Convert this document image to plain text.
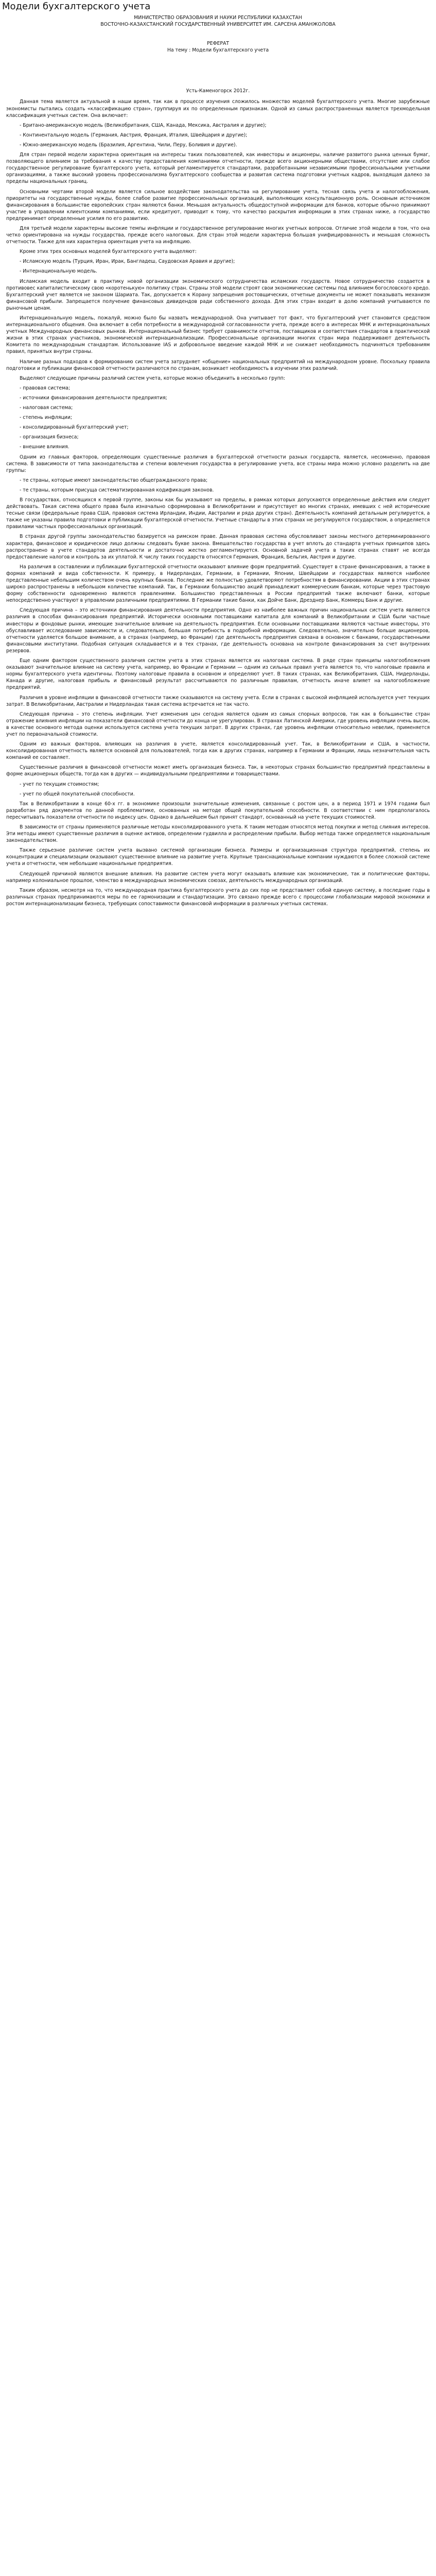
Модели бухгалтерского учета

МИНИСТЕРСТВО ОБРАЗОВАНИЯ И НАУКИ РЕСПУБЛИКИ КАЗАХСТАН

ВОСТОЧНО-КАЗАХСТАНСКИЙ ГОСУДАРСТВЕННЫЙ УНИВЕРСИТЕТ ИМ. САРСЕНА АМАНЖОЛОВА

РЕФЕРАТ

На тему : Модели бухгалтерского учета

Усть-Каменогорск 2012г.

Данная тема является актуальной в наши время, так как в процессе изучения сложилось множество моделей бухгалтерского учета. Многие зарубежные экономисты пытались создать «классификацию стран», группируя их по определенным признакам. Одной из самых распространенных является трехмодельная классификация учетных систем. Она включает:

- Британо-американскую модель (Великобритания, США, Канада, Мексика, Австралия и другие);

- Континентальную модель (Германия, Австрия, Франция, Италия, Швейцария и другие);

- Южно-американскую модель (Бразилия, Аргентина, Чили, Перу, Боливия и другие).

Для стран первой модели характерна ориентация на интересы таких пользователей, как инвесторы и акционеры, наличие развитого рынка ценных бумаг, позволяющего влиянием за требования к качеству предоставления компаниями отчетности, прежде всего акционерными обществами, отсутствие или слабое государственное регулирование бухгалтерского учета, который регламентируется стандартами, разработанными независимыми профессиональными учетными организациями, а также высокий уровень профессионализма бухгалтерского сообщества и развитая система подготовки учетных кадров, выходящая далеко за пределы национальных границ.

Основными чертами второй модели является сильное воздействие законодательства на регулирование учета, тесная связь учета и налогообложения, приоритеты на государственные нужды, более слабое развитие профессиональных организаций, выполняющих консультационную роль. Основным источником финансирования в большинстве европейских стран являются банки. Меньшая актуальность общедоступной информации для банков, которые обычно принимают участие в управлении клиентскими компаниями, если кредитуют, приводит к тому, что качество раскрытия информации в этих странах ниже, а государство предпринимает определенные усилия по его развитию.

Для третьей модели характерны высокие темпы инфляции и государственное регулирование многих учетных вопросов. Отличие этой модели в том, что она четко ориентирована на нужды государства, прежде всего налоговых. Для стран этой модели характерна большая унифицированность и меньшая сложность отчетности. Также для них характерна ориентация учета на инфляцию.

Кроме этих трех основных моделей бухгалтерского учета выделяют:

- Исламскую модель (Турция, Иран, Ирак, Бангладеш, Саудовская Аравия и другие);

- Интернациональную модель.

Исламская модель входит в практику новой организации экономического сотрудничества исламских государств. Новое сотрудничество создается в противовес капиталистическому свою «коротенькую» политику стран. Страны этой модели строят свои экономические системы под влиянием богословского кредо. Бухгалтерский учет является не законом Шариата. Так, допускается к Корану запрещения ростовщических, отчетные документы не может показывать механизм финансовой прибыли. Запрещается получение финансовых дивидендов ради собственного дохода. Для этих стран входит в долю компаний учитываются по рыночным ценам.

Интернациональную модель, пожалуй, можно было бы назвать международной. Она учитывает тот факт, что бухгалтерский учет становится средством интернационального общения. Она включает в себя потребности в международной согласованности учета, прежде всего в интересах МНК и интернациональных учетных Международных финансовых рынков. Интернациональный бизнес требует сравнимости отчетов, поставщиков и соответствия стандартов в практической жизни в этих странах участников, экономической интернационализации. Профессиональные организации многих стран мира поддерживают деятельность Комитета по международным стандартам. Использование IAS и добровольное введение каждой МНК и не снижает необходимость подчиняться требованиям правил, принятых внутри страны.

Наличие разных подходов к формированию систем учета затрудняет «общение» национальных предприятий на международном уровне. Поскольку правила подготовки и публикации финансовой отчетности различаются по странам, возникает необходимость в изучении этих различий.

Выделяют следующие причины различий систем учета, которые можно объединить в несколько групп:

- правовая система;

- источники финансирования деятельности предприятия;

- налоговая система;

- степень инфляции;

- консолидированный бухгалтерский учет;

- организация бизнеса;

- внешние влияния.

Одним из главных факторов, определяющих существенные различия в бухгалтерской отчетности разных государств, является, несомненно, правовая система. В зависимости от типа законодательства и степени вовлечения государства в регулирование учета, все страны мира можно условно разделить на две группы:

- те страны, которые имеют законодательство общегражданского права;

- те страны, которым присуща систематизированная кодификация законов.

В государствах, относящихся к первой группе, законы как бы указывают на пределы, в рамках которых допускаются определенные действия или следует действовать. Такая система общего права была изначально сформирована в Великобритании и присутствует во многих странах, имевших с ней исторические тесные связи (федеральные права США, правовая система Ирландии, Индии, Австралии и ряда других стран). Деятельность компаний детальным регулируется, а также не указаны правила подготовки и публикации бухгалтерской отчетности. Учетные стандарты в этих странах не регулируются государством, а определяется правилами частных профессиональных организаций.

В странах другой группы законодательство базируется на римском праве. Данная правовая система обусловливает законы местного детерминированного характера, финансовое и юридическое лицо должны следовать букве закона. Вмешательство государства в учет вплоть до стандарта учетных принципов здесь распространено в учете стандартов деятельности и достаточно жестко регламентируется. Основной задачей учета в таких странах ставят не всегда предоставление налогов и контроль за их уплатой. К числу таких государств относятся Германия, Франция, Бельгия, Австрия и другие.

На различия в составлении и публикации бухгалтерской отчетности оказывают влияние форм предприятий. Существует в стране финансирования, а также в формах компаний и вида собственности. К примеру, в Нидерландах, Германии, в Германии, Японии, Швейцарии и государствах являются наиболее представленные небольшим количеством очень крупных банков. Последние же полностью удовлетворяют потребностям в финансировании. Акции в этих странах широко распространены в небольшом количестве компаний. Так, в Германии большинство акций принадлежит коммерческим банкам, которые через трастовую форму собственности одновременно являются правлениями. Большинство представленных в России предприятий также включают банки, которые непосредственно участвуют в управлении различными предприятиями. В Германии такие банки, как Дойче Банк, Дрезднер Банк, Коммерц Банк и другие.

Следующая причина – это источники финансирования деятельности предприятия. Одно из наиболее важных причин национальных систем учета являются различия в способах финансирования предприятий. Исторически основными поставщиками капитала для компаний в Великобритании и США были частные инвесторы и фондовые рынки, имеющие значительное влияние на деятельность предприятия. Если основными поставщиками являются частные инвесторы, это обуславливает исследование зависимости и, следовательно, большая потребность в подробной информации. Следовательно, значительно больше акционеров, отчетности уделяется большое внимание, а в странах (например, во Франции) где деятельность предприятия связана в основном с банками, государственными финансовыми институтами. Подобная ситуация складывается и в тех странах, где деятельность основана на контроле финансирования за счет внутренних резервов.

Еще одним фактором существенного различия систем учета в этих странах является их налоговая система. В ряде стран принципы налогообложения оказывают значительное влияние на систему учета, например, во Франции и Германии — одним из сильных правил учета является то, что налоговые правила и нормы бухгалтерского учета идентичны. Поэтому налоговые правила в основном и определяют учет. В таких странах, как Великобритания, США, Нидерланды, Канада и другие, налоговая прибыль и финансовый результат рассчитываются по различным правилам, отчетность иначе влияет на налогообложение предприятий.

Различия в уровне инфляции в финансовой отчетности также сказываются на систему учета. Если в странах с высокой инфляцией используется учет текущих затрат. В Великобритании, Австралии и Нидерландах такая система встречается не так часто.

Следующая причина – это степень инфляции. Учет изменения цен сегодня является одним из самых спорных вопросов, так как в большинстве стран отражение влияния инфляции на показатели финансовой отчетности до конца не урегулирован. В странах Латинской Америки, где уровень инфляции очень высок, в качестве основного метода оценки используется система учета текущих затрат. В других странах, где уровень инфляции относительно невелик, применяется учет по первоначальной стоимости.

Одним из важных факторов, влияющих на различия в учете, является консолидированный учет. Так, в Великобритании и США, в частности, консолидированная отчетность является основной для пользователей, тогда как в других странах, например в Германии и Франции, лишь незначительная часть компаний ее составляет.

Существенные различия в финансовой отчетности может иметь организация бизнеса. Так, в некоторых странах большинство предприятий представлены в форме акционерных обществ, тогда как в других — индивидуальными предприятиями и товариществами.

- учет по текущим стоимостям;

- учет по общей покупательной способности.

Так в Великобритании в конце 60-х гг. в экономике произошли значительные изменения, связанные с ростом цен, а в период 1971 и 1974 годами был разработан ряд документов по данной проблематике, основанных на методе общей покупательной способности. В соответствии с ним предполагалось пересчитывать показатели отчетности по индексу цен. Однако в дальнейшем был принят стандарт, основанный на учете текущих стоимостей.

В зависимости от страны применяются различные методы консолидированного учета. К таким методам относятся метод покупки и метод слияния интересов. Эти методы имеют существенные различия в оценке активов, определении гудвилла и распределении прибыли. Выбор метода также определяется национальным законодательством.

Также серьезное различие систем учета вызвано системой организации бизнеса. Размеры и организационная структура предприятий, степень их концентрации и специализации оказывают существенное влияние на развитие учета. Крупные транснациональные компании нуждаются в более сложной системе учета и отчетности, чем небольшие национальные предприятия.

Следующей причиной являются внешние влияния. На развитие систем учета могут оказывать влияние как экономические, так и политические факторы, например колониальное прошлое, членство в международных экономических союзах, деятельность международных организаций.

Таким образом, несмотря на то, что международная практика бухгалтерского учета до сих пор не представляет собой единую систему, в последние годы в различных странах предпринимаются меры по ее гармонизации и стандартизации. Это связано прежде всего с процессами глобализации мировой экономики и ростом интернационализации бизнеса, требующих сопоставимости финансовой информации в различных учетных системах.
